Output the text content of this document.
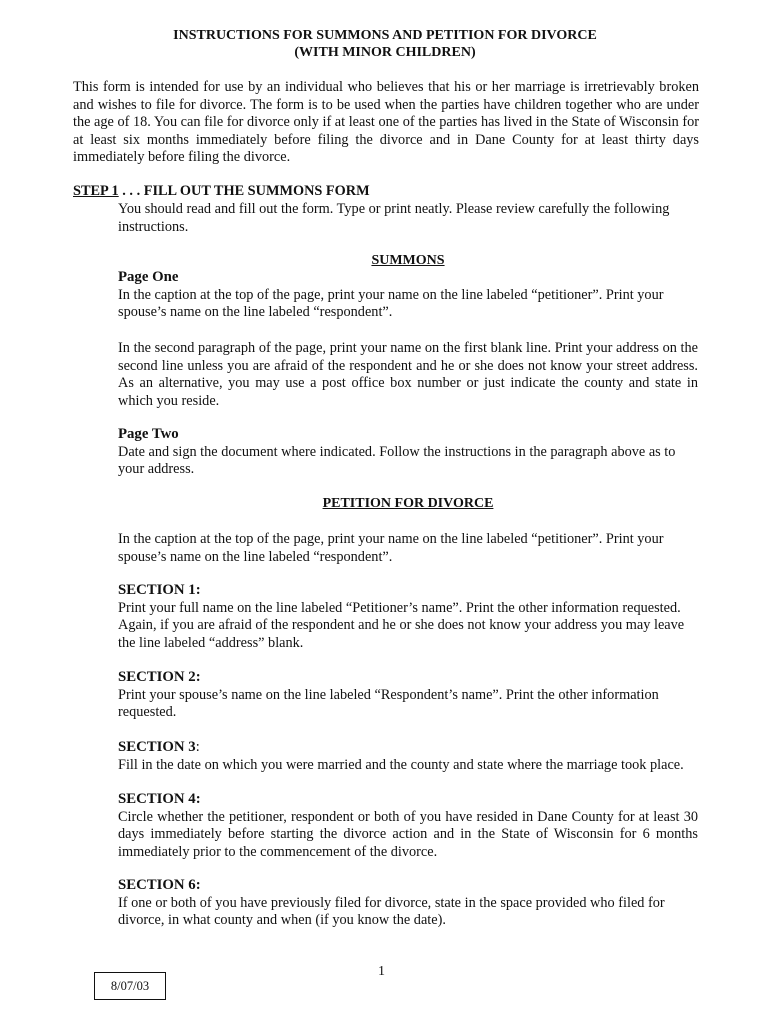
INSTRUCTIONS FOR SUMMONS AND PETITION FOR DIVORCE
(WITH MINOR CHILDREN)
This form is intended for use by an individual who believes that his or her marriage is irretrievably broken and wishes to file for divorce. The form is to be used when the parties have children together who are under the age of 18. You can file for divorce only if at least one of the parties has lived in the State of Wisconsin for at least six months immediately before filing the divorce and in Dane County for at least thirty days immediately before filing the divorce.
STEP 1 . . . FILL OUT THE SUMMONS FORM
You should read and fill out the form. Type or print neatly. Please review carefully the following instructions.
SUMMONS
Page One
In the caption at the top of the page, print your name on the line labeled “petitioner”. Print your spouse’s name on the line labeled “respondent”.
In the second paragraph of the page, print your name on the first blank line. Print your address on the second line unless you are afraid of the respondent and he or she does not know your street address. As an alternative, you may use a post office box number or just indicate the county and state in which you reside.
Page Two
Date and sign the document where indicated. Follow the instructions in the paragraph above as to your address.
PETITION FOR DIVORCE
In the caption at the top of the page, print your name on the line labeled “petitioner”. Print your spouse’s name on the line labeled “respondent”.
SECTION 1:
Print your full name on the line labeled “Petitioner’s name”. Print the other information requested. Again, if you are afraid of the respondent and he or she does not know your address you may leave the line labeled “address” blank.
SECTION 2:
Print your spouse’s name on the line labeled “Respondent’s name”. Print the other information requested.
SECTION 3:
Fill in the date on which you were married and the county and state where the marriage took place.
SECTION 4:
Circle whether the petitioner, respondent or both of you have resided in Dane County for at least 30 days immediately before starting the divorce action and in the State of Wisconsin for 6 months immediately prior to the commencement of the divorce.
SECTION 6:
If one or both of you have previously filed for divorce, state in the space provided who filed for divorce, in what county and when (if you know the date).
1
8/07/03
